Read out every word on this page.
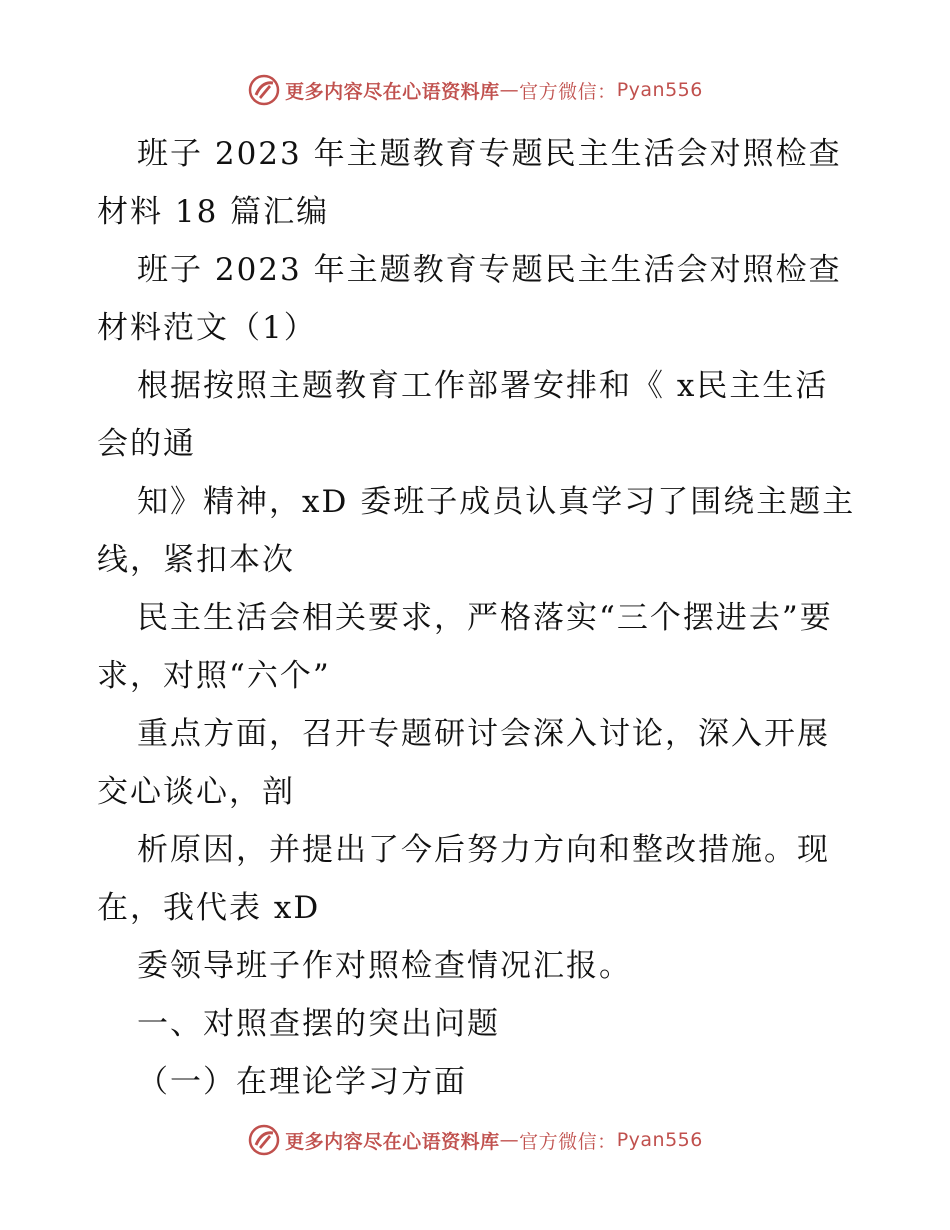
更多内容尽在心语资料库 — 官方微信： Pyan556

班子 2023 年主题教育专题民主生活会对照检查材料 18 篇汇编

班子 2023 年主题教育专题民主生活会对照检查材料范文（1）

根据按照主题教育工作部署安排和《 x民主生活会的通

知》精神，xD 委班子成员认真学习了围绕主题主线，紧扣本次

民主生活会相关要求，严格落实“三个摆进去”要求，对照“六个”

重点方面，召开专题研讨会深入讨论，深入开展交心谈心，剖

析原因，并提出了今后努力方向和整改措施。现在，我代表 xD

委领导班子作对照检查情况汇报。

一、对照查摆的突出问题

（一）在理论学习方面

更多内容尽在心语资料库 — 官方微信： Pyan556
